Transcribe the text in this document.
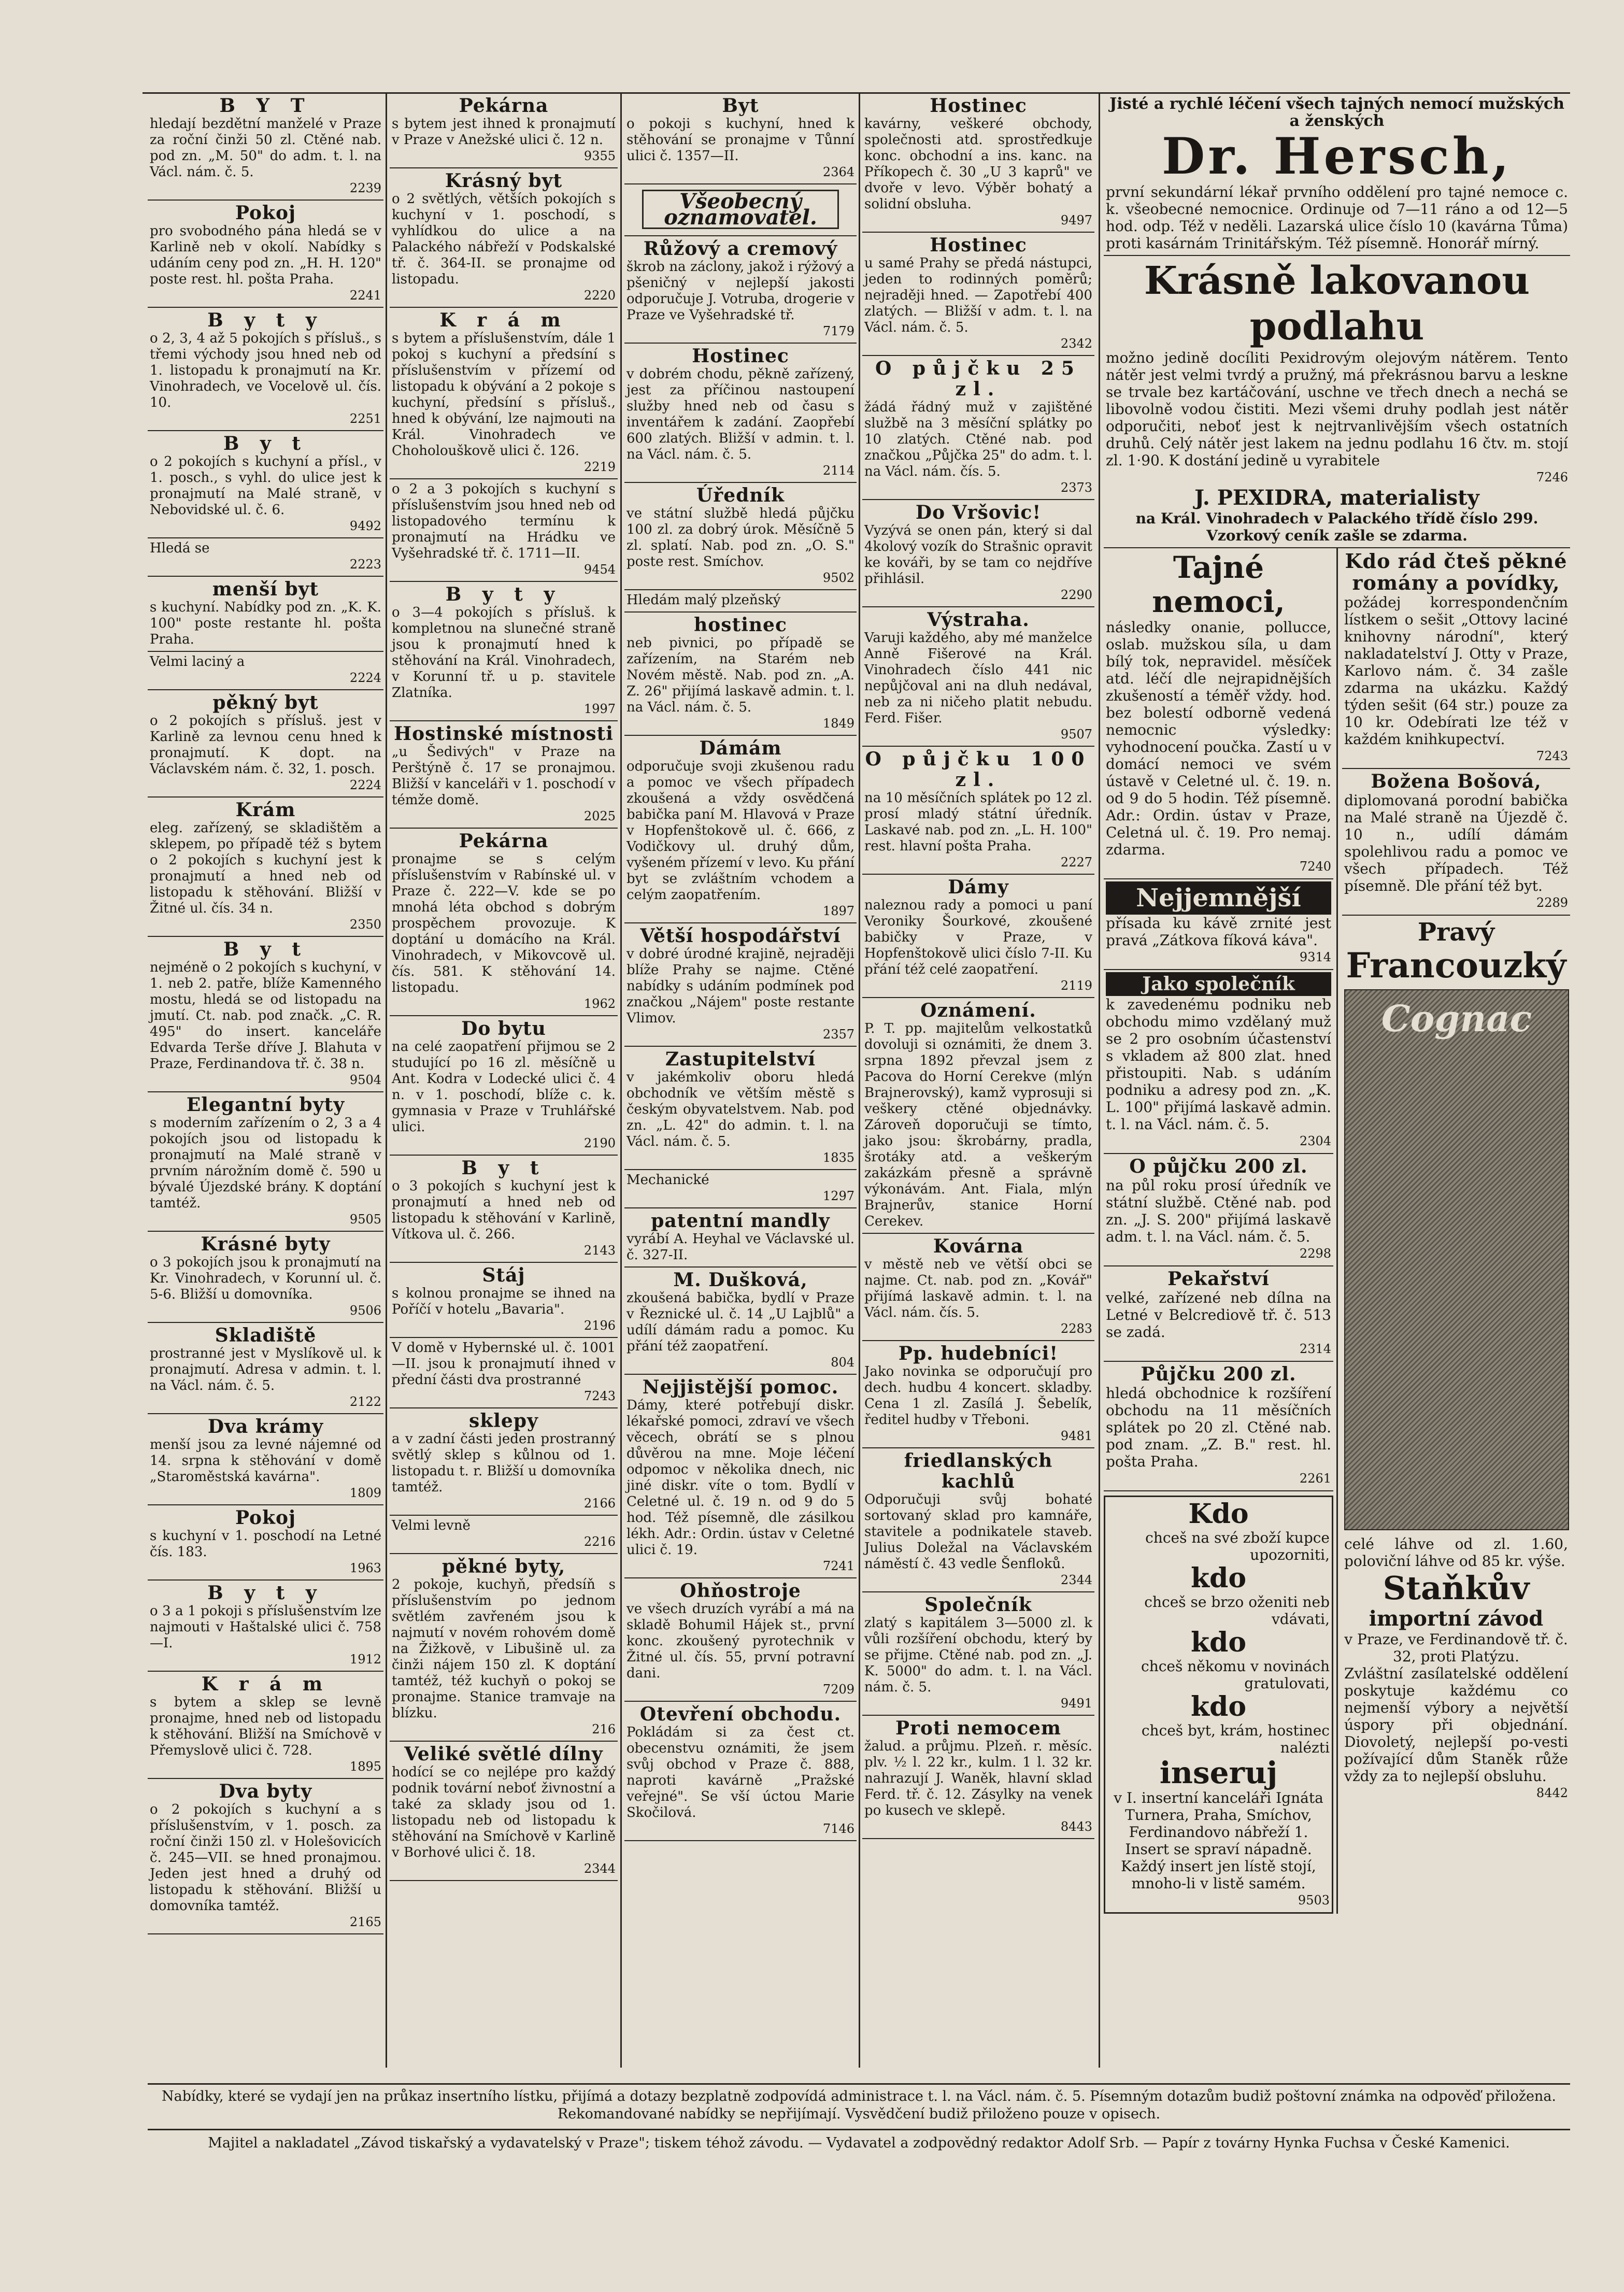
B Y T
hledají bezdětní manželé v Praze za roční činži 50 zl. Ctěné nab. pod zn. „M. 50" do adm. t. l. na Václ. nám. č. 5.
2239
Pokoj
pro svobodného pána hledá se v Karlině neb v okolí. Nabídky s udáním ceny pod zn. „H. H. 120" poste rest. hl. pošta Praha.
2241
B y t y
o 2, 3, 4 až 5 pokojích s přísluš., s třemi východy jsou hned neb od 1. listopadu k pronajmutí na Kr. Vinohradech, ve Vocelově ul. čís. 10.
2251
B y t
o 2 pokojích s kuchyní a přísl., v 1. posch., s vyhl. do ulice jest k pronajmutí na Malé straně, v Nebovidské ul. č. 6.
9492
Hledá se
2223
menší byt
s kuchyní. Nabídky pod zn. „K. K. 100" poste restante hl. pošta Praha.
Velmi laciný a
2224
pěkný byt
o 2 pokojích s přísluš. jest v Karlině za levnou cenu hned k pronajmutí. K dopt. na Václavském nám. č. 32, 1. posch.
2224
Krám
eleg. zařízený, se skladištěm a sklepem, po případě též s bytem o 2 pokojích s kuchyní jest k pronajmutí a hned neb od listopadu k stěhování. Bližší v Žitné ul. čís. 34 n.
2350
B y t
nejméně o 2 pokojích s kuchyní, v 1. neb 2. patře, blíže Kamenného mostu, hledá se od listopadu na jmutí. Ct. nab. pod značk. „C. R. 495" do insert. kanceláře Edvarda Terše dříve J. Blahuta v Praze, Ferdinandova tř. č. 38 n.
9504
Elegantní byty
s moderním zařízením o 2, 3 a 4 pokojích jsou od listopadu k pronajmutí na Malé straně v prvním nárožním domě č. 590 u bývalé Újezdské brány. K doptání tamtéž.
9505
Krásné byty
o 3 pokojích jsou k pronajmutí na Kr. Vinohradech, v Korunní ul. č. 5-6. Bližší u domovníka.
9506
Skladiště
prostranné jest v Myslíkově ul. k pronajmutí. Adresa v admin. t. l. na Václ. nám. č. 5.
2122
Dva krámy
menší jsou za levné nájemné od 14. srpna k stěhování v domě „Staroměstská kavárna".
1809
Pokoj
s kuchyní v 1. poschodí na Letné čís. 183.
1963
B y t y
o 3 a 1 pokoji s příslušenstvím lze najmouti v Haštalské ulici č. 758—I.
1912
K r á m
s bytem a sklep se levně pronajme, hned neb od listopadu k stěhování. Bližší na Smíchově v Přemyslově ulici č. 728.
1895
Dva byty
o 2 pokojích s kuchyní a s příslušenstvím, v 1. posch. za roční činži 150 zl. v Holešovicích č. 245—VII. se hned pronajmou. Jeden jest hned a druhý od listopadu k stěhování. Bližší u domovníka tamtéž.
2165
Pekárna
s bytem jest ihned k pronajmutí v Praze v Anežské ulici č. 12 n.
9355
Krásný byt
o 2 světlých, větších pokojích s kuchyní v 1. poschodí, s vyhlídkou do ulice a na Palackého nábřeží v Podskalské tř. č. 364-II. se pronajme od listopadu.
2220
K r á m
s bytem a příslušenstvím, dále 1 pokoj s kuchyní a předsíní s příslušenstvím v přízemí od listopadu k obývání a 2 pokoje s kuchyní, předsíní s přísluš., hned k obývání, lze najmouti na Král. Vinohradech ve Choholouškově ulici č. 126.
2219
o 2 a 3 pokojích s kuchyní s příslušenstvím jsou hned neb od listopadového termínu k pronajmutí na Hrádku ve Vyšehradské tř. č. 1711—II.
9454
B y t y
o 3—4 pokojích s přísluš. k kompletnou na slunečné straně jsou k pronajmutí hned k stěhování na Král. Vinohradech, v Korunní tř. u p. stavitele Zlatníka.
1997
Hostinské místnosti
„u Šedivých" v Praze na Perštýně č. 17 se pronajmou. Bližší v kanceláři v 1. poschodí v témže domě.
2025
Pekárna
pronajme se s celým příslušenstvím v Rabínské ul. v Praze č. 222—V. kde se po mnohá léta obchod s dobrým prospěchem provozuje. K doptání u domácího na Král. Vinohradech, v Mikovcově ul. čís. 581. K stěhování 14. listopadu.
1962
Do bytu
na celé zaopatření přijmou se 2 studující po 16 zl. měsíčně u Ant. Kodra v Lodecké ulici č. 4 n. v 1. poschodí, blíže c. k. gymnasia v Praze v Truhlářské ulici.
2190
B y t
o 3 pokojích s kuchyní jest k pronajmutí a hned neb od listopadu k stěhování v Karlině, Vítkova ul. č. 266.
2143
Stáj
s kolnou pronajme se ihned na Poříčí v hotelu „Bavaria".
2196
V domě v Hybernské ul. č. 1001—II. jsou k pronajmutí ihned v přední části dva prostranné
7243
sklepy
a v zadní části jeden prostranný světlý sklep s kůlnou od 1. listopadu t. r. Bližší u domovníka tamtéž.
2166
Velmi levně
2216
pěkné byty,
2 pokoje, kuchyň, předsíň s příslušenstvím po jednom světlém zavřeném jsou k najmutí v novém rohovém domě na Žižkově, v Libušině ul. za činži nájem 150 zl. K doptání tamtéž, též kuchyň o pokoj se pronajme. Stanice tramvaje na blízku.
216
Veliké světlé dílny
hodící se co nejlépe pro každý podnik tovární neboť živnostní a také za sklady jsou od 1. listopadu neb od listopadu k stěhování na Smíchově v Karlině v Borhové ulici č. 18.
2344
Byt
o pokoji s kuchyní, hned k stěhování se pronajme v Tůnní ulici č. 1357—II.
2364
Všeobecný oznamovatel.
Růžový a cremový
škrob na záclony, jakož i rýžový a pšeničný v nejlepší jakosti odporučuje J. Votruba, drogerie v Praze ve Vyšehradské tř.
7179
Hostinec
v dobrém chodu, pěkně zařízený, jest za příčinou nastoupení služby hned neb od času s inventářem k zadání. Zaopřebí 600 zlatých. Bližší v admin. t. l. na Václ. nám. č. 5.
2114
Úředník
ve státní službě hledá půjčku 100 zl. za dobrý úrok. Měsíčně 5 zl. splatí. Nab. pod zn. „O. S." poste rest. Smíchov.
9502
Hledám malý plzeňský
hostinec
neb pivnici, po případě se zařízením, na Starém neb Novém městě. Nab. pod zn. „A. Z. 26" přijímá laskavě admin. t. l. na Václ. nám. č. 5.
1849
Dámám
odporučuje svoji zkušenou radu a pomoc ve všech případech zkoušená a vždy osvědčená babička paní M. Hlavová v Praze v Hopfenštokově ul. č. 666, z Vodičkovy ul. druhý dům, vyšeném přízemí v levo. Ku přání byt se zvláštním vchodem a celým zaopatřením.
1897
Větší hospodářství
v dobré úrodné krajině, nejraději blíže Prahy se najme. Ctěné nabídky s udáním podmínek pod značkou „Nájem" poste restante Vlimov.
2357
Zastupitelství
v jakémkoliv oboru hledá obchodník ve větším městě s českým obyvatelstvem. Nab. pod zn. „L. 42" do admin. t. l. na Václ. nám. č. 5.
1835
Mechanické
1297
patentní mandly
vyrábí A. Heyhal ve Václavské ul. č. 327-II.
M. Dušková,
zkoušená babička, bydlí v Praze v Řeznické ul. č. 14 „U Lajblů" a udílí dámám radu a pomoc. Ku přání též zaopatření.
804
Nejjistější pomoc.
Dámy, které potřebují diskr. lékařské pomoci, zdraví ve všech věcech, obrátí se s plnou důvěrou na mne. Moje léčení odpomoc v několika dnech, nic jiné diskr. víte o tom. Bydlí v Celetné ul. č. 19 n. od 9 do 5 hod. Též písemně, dle zásilkou lékh. Adr.: Ordin. ústav v Celetné ulici č. 19.
7241
Ohňostroje
ve všech druzích vyrábí a má na skladě Bohumil Hájek st., první konc. zkoušený pyrotechnik v Žitné ul. čís. 55, první potravní dani.
7209
Otevření obchodu.
Pokládám si za čest ct. obecenstvu oznámiti, že jsem svůj obchod v Praze č. 888, naproti kavárně „Pražské veřejné". Se vší úctou Marie Skočilová.
7146
Hostinec
kavárny, veškeré obchody, společnosti atd. sprostředkuje konc. obchodní a ins. kanc. na Příkopech č. 30 „U 3 kaprů" ve dvoře v levo. Výběr bohatý a solidní obsluha.
9497
Hostinec
u samé Prahy se předá nástupci, jeden to rodinných poměrů; nejraději hned. — Zapotřebí 400 zlatých. — Bližší v adm. t. l. na Václ. nám. č. 5.
2342
O půjčku 25 zl.
žádá řádný muž v zajištěné službě na 3 měsíční splátky po 10 zlatých. Ctěné nab. pod značkou „Půjčka 25" do adm. t. l. na Václ. nám. čís. 5.
2373
Do Vršovic!
Vyzývá se onen pán, který si dal 4kolový vozík do Strašnic opravit ke kováři, by se tam co nejdříve přihlásil.
2290
Výstraha.
Varuji každého, aby mé manželce Anně Fišerové na Král. Vinohradech číslo 441 nic nepůjčoval ani na dluh nedával, neb za ni ničeho platit nebudu. Ferd. Fišer.
9507
O půjčku 100 zl.
na 10 měsíčních splátek po 12 zl. prosí mladý státní úředník. Laskavé nab. pod zn. „L. H. 100" rest. hlavní pošta Praha.
2227
Dámy
naleznou rady a pomoci u paní Veroniky Šourkové, zkoušené babičky v Praze, v Hopfenštokově ulici číslo 7-II. Ku přání též celé zaopatření.
2119
Oznámení.
P. T. pp. majitelům velkostatků dovoluji si oznámiti, že dnem 3. srpna 1892 převzal jsem z Pacova do Horní Cerekve (mlýn Brajnerovský), kamž vyprosuji si veškery ctěné objednávky. Zároveň doporučuji se tímto, jako jsou: škrobárny, pradla, šrotáky atd. a veškerým zakázkám přesně a správně výkonávám. Ant. Fiala, mlýn Brajnerův, stanice Horní Cerekev.
Kovárna
v městě neb ve větší obci se najme. Ct. nab. pod zn. „Kovář" přijímá laskavě admin. t. l. na Václ. nám. čís. 5.
2283
Pp. hudebníci!
Jako novinka se odporučují pro dech. hudbu 4 koncert. skladby. Cena 1 zl. Zasílá J. Šebelík, ředitel hudby v Třeboni.
9481
friedlanských kachlů
Odporučuji svůj bohaté sortovaný sklad pro kamnáře, stavitele a podnikatele staveb. Julius Doležal na Václavském náměstí č. 43 vedle Šenfloků.
2344
Společník
zlatý s kapitálem 3—5000 zl. k vůli rozšíření obchodu, který by se přijme. Ctěné nab. pod zn. „J. K. 5000" do adm. t. l. na Václ. nám. č. 5.
9491
Proti nemocem
žalud. a průjmu. Plzeň. r. měsíc. plv. ½ l. 22 kr., kulm. 1 l. 32 kr. nahrazují J. Waněk, hlavní sklad Ferd. tř. č. 12. Zásylky na venek po kusech ve sklepě.
8443
Jisté a rychlé léčení všech tajných nemocí mužských a ženských
Dr. Hersch,
první sekundární lékař prvního oddělení pro tajné nemoce c. k. všeobecné nemocnice. Ordinuje od 7—11 ráno a od 12—5 hod. odp. Též v neděli. Lazarská ulice číslo 10 (kavárna Tůma) proti kasárnám Trinitářským. Též písemně. Honorář mírný.
Krásně lakovanou podlahu
možno jedině docíliti Pexidrovým olejovým nátěrem. Tento nátěr jest velmi tvrdý a pružný, má překrásnou barvu a leskne se trvale bez kartáčování, uschne ve třech dnech a nechá se libovolně vodou čistiti. Mezi všemi druhy podlah jest nátěr odporučiti, neboť jest k nejtrvanlivějším všech ostatních druhů. Celý nátěr jest lakem na jednu podlahu 16 čtv. m. stojí zl. 1·90. K dostání jedině u vyrabitele
7246
J. PEXIDRA, materialisty
na Král. Vinohradech v Palackého třídě číslo 299.
Vzorkový ceník zašle se zdarma.
Tajné nemoci,
následky onanie, pollucce, oslab. mužskou síla, u dam bílý tok, nepravidel. měsíček atd. léčí dle nejrapidnějších zkušeností a téměř vždy. hod. bez bolestí odborně vedená nemocnic výsledky: vyhodnocení poučka. Zastí u v domácí nemoci ve svém ústavě v Celetné ul. č. 19. n. od 9 do 5 hodin. Též písemně. Adr.: Ordin. ústav v Praze, Celetná ul. č. 19. Pro nemaj. zdarma.
7240
Nejjemnější
přísada ku kávě zrnité jest pravá „Zátkova fíková káva".
9314
Jako společník
k zavedenému podniku neb obchodu mimo vzdělaný muž se 2 pro osobním účastenství s vkladem až 800 zlat. hned přistoupiti. Nab. s udáním podniku a adresy pod zn. „K. L. 100" přijímá laskavě admin. t. l. na Václ. nám. č. 5.
2304
O půjčku 200 zl.
na půl roku prosí úředník ve státní službě. Ctěné nab. pod zn. „J. S. 200" přijímá laskavě adm. t. l. na Václ. nám. č. 5.
2298
Pekařství
velké, zařízené neb dílna na Letné v Belcrediově tř. č. 513 se zadá.
2314
Půjčku 200 zl.
hledá obchodnice k rozšíření obchodu na 11 měsíčních splátek po 20 zl. Ctěné nab. pod znam. „Z. B." rest. hl. pošta Praha.
2261
Kdo
chceš na své zboží kupce upozorniti,
kdo
chceš se brzo oženiti neb vdávati,
kdo
chceš někomu v novinách gratulovati,
kdo
chceš byt, krám, hostinec nalézti
inseruj
v I. insertní kanceláři Ignáta Turnera, Praha, Smíchov, Ferdinandovo nábřeží 1. Insert se spraví nápadně. Každý insert jen lístě stojí, mnoho-li v listě samém.
9503
Kdo rád čteš pěkné romány a povídky,
požádej korrespondenčním lístkem o sešit „Ottovy laciné knihovny národní", který nakladatelství J. Otty v Praze, Karlovo nám. č. 34 zašle zdarma na ukázku. Každý týden sešit (64 str.) pouze za 10 kr. Odebírati lze též v každém knihkupectví.
7243
Božena Bošová,
diplomovaná porodní babička na Malé straně na Újezdě č. 10 n., udílí dámám spolehlivou radu a pomoc ve všech případech. Též písemně. Dle přání též byt.
2289
Pravý
Francouzký
Cognac
celé láhve od zl. 1.60, poloviční láhve od 85 kr. výše.
Staňkův
importní závod
v Praze, ve Ferdinandově tř. č. 32, proti Platýzu.
Zvláštní zasílatelské oddělení poskytuje každému co nejmenší výbory a největší úspory při objednání. Diovoletý, nejlepší po-vesti požívající dům Staněk růže vždy za to nejlepší obsluhu.
8442
Nabídky, které se vydají jen na průkaz insertního lístku, přijímá a dotazy bezplatně zodpovídá administrace t. l. na Václ. nám. č. 5. Písemným dotazům budiž poštovní známka na odpověď přiložena. Rekomandované nabídky se nepřijímají. Vysvědčení budiž přiloženo pouze v opisech.
Majitel a nakladatel „Závod tiskařský a vydavatelský v Praze"; tiskem téhož závodu. — Vydavatel a zodpovědný redaktor Adolf Srb. — Papír z továrny Hynka Fuchsa v České Kamenici.
